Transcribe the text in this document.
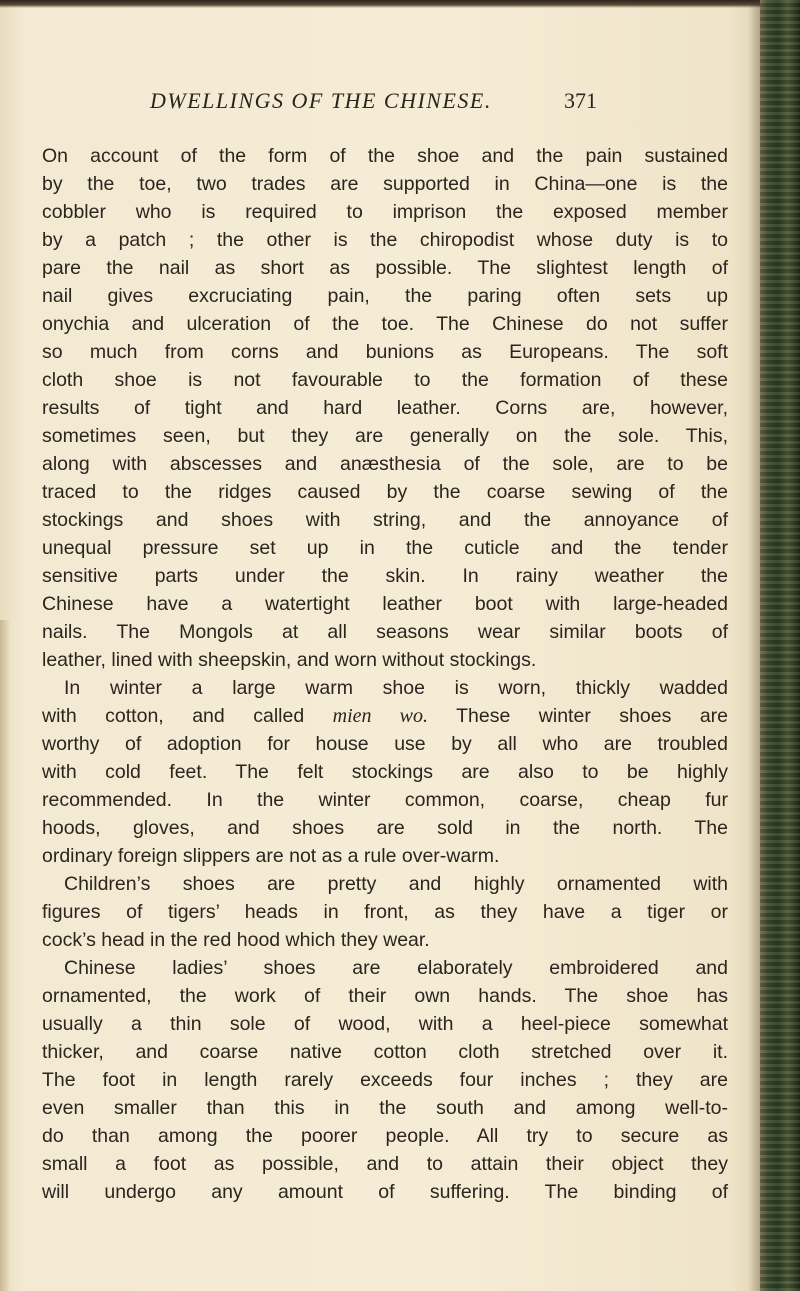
DWELLINGS OF THE CHINESE.	371
On account of the form of the shoe and the pain sustained
by the toe, two trades are supported in China—one is the
cobbler who is required to imprison the exposed member
by a patch ; the other is the chiropodist whose duty is to
pare the nail as short as possible. The slightest length of
nail gives excruciating pain, the paring often sets up
onychia and ulceration of the toe. The Chinese do not suffer
so much from corns and bunions as Europeans. The soft
cloth shoe is not favourable to the formation of these
results of tight and hard leather. Corns are, however,
sometimes seen, but they are generally on the sole. This,
along with abscesses and anæsthesia of the sole, are to be
traced to the ridges caused by the coarse sewing of the
stockings and shoes with string, and the annoyance of
unequal pressure set up in the cuticle and the tender
sensitive parts under the skin. In rainy weather the
Chinese have a watertight leather boot with large-headed
nails. The Mongols at all seasons wear similar boots of
leather, lined with sheepskin, and worn without stockings.
In winter a large warm shoe is worn, thickly wadded
with cotton, and called mien wo. These winter shoes are
worthy of adoption for house use by all who are troubled
with cold feet. The felt stockings are also to be highly
recommended. In the winter common, coarse, cheap fur
hoods, gloves, and shoes are sold in the north. The
ordinary foreign slippers are not as a rule over-warm.
Children’s shoes are pretty and highly ornamented with
figures of tigers’ heads in front, as they have a tiger or
cock’s head in the red hood which they wear.
Chinese ladies’ shoes are elaborately embroidered and
ornamented, the work of their own hands. The shoe has
usually a thin sole of wood, with a heel-piece somewhat
thicker, and coarse native cotton cloth stretched over it.
The foot in length rarely exceeds four inches ; they are
even smaller than this in the south and among well-to-
do than among the poorer people. All try to secure as
small a foot as possible, and to attain their object they
will undergo any amount of suffering. The binding of
